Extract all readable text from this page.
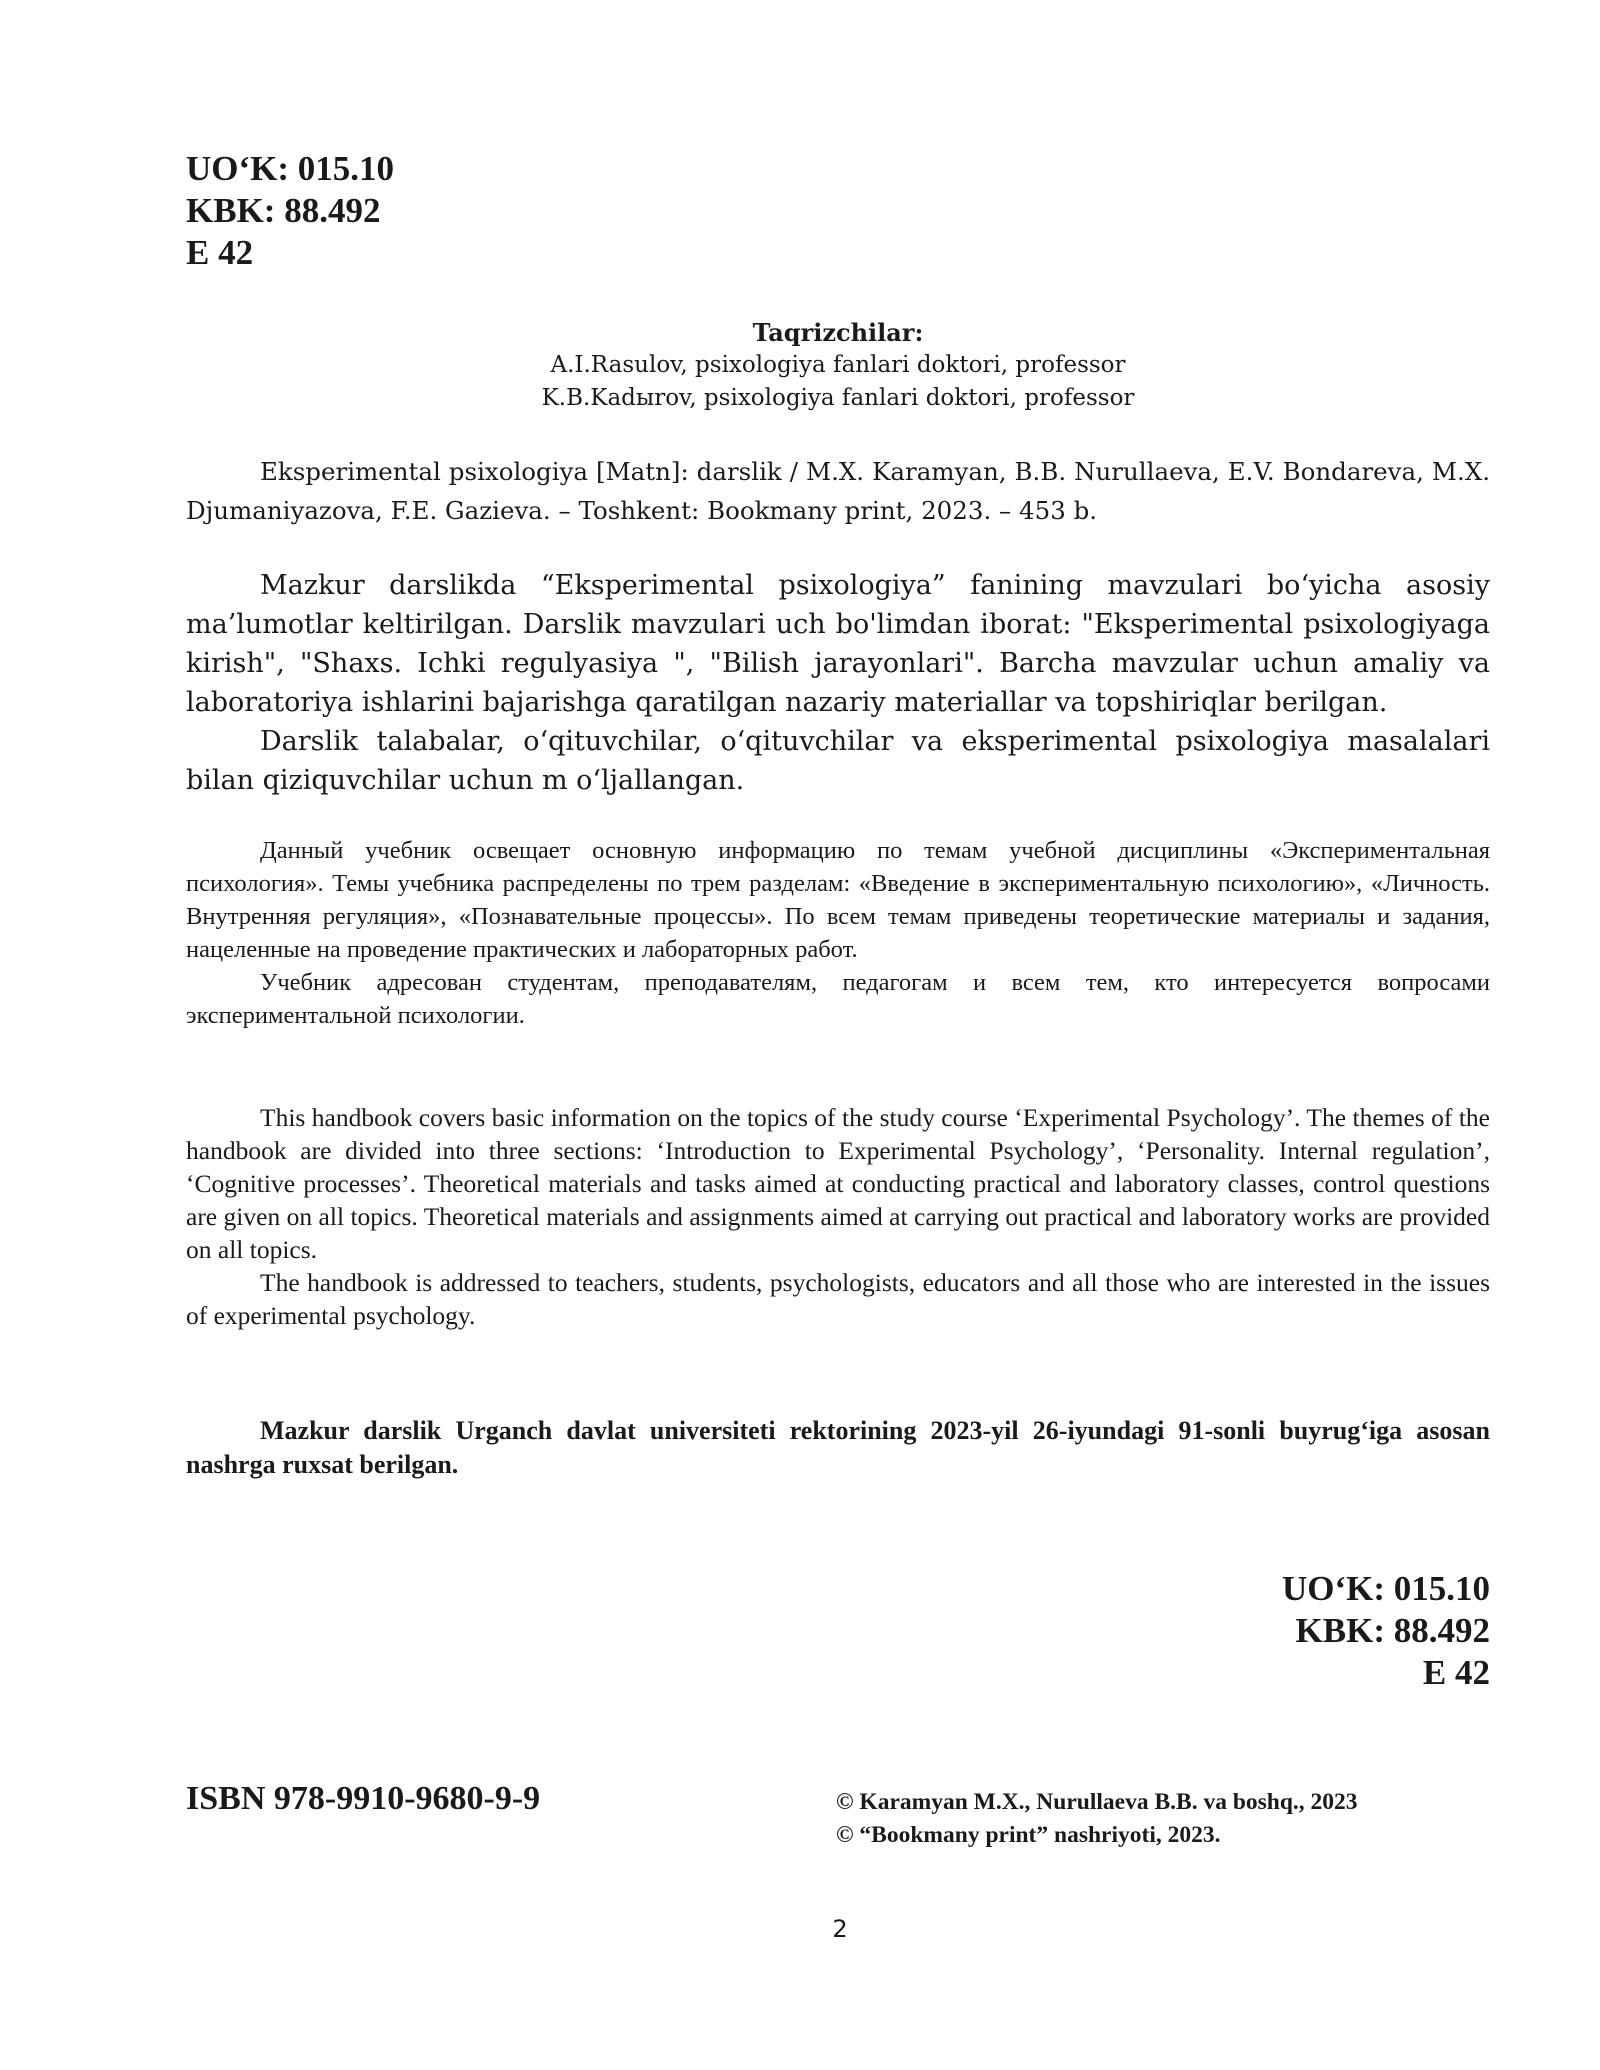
UO‘K: 015.10
KBK: 88.492
E 42
Taqrizchilar:
A.I.Rasulov, psixologiya fanlari doktori, professor
K.B.Kadыrov, psixologiya fanlari doktori, professor

Eksperimental psixologiya [Matn]: darslik / M.X. Karamyan, B.B. Nurullaeva, E.V. Bondareva, M.X. Djumaniyazova, F.E. Gazieva. – Toshkent: Bookmany print, 2023. – 453 b.

Mazkur darslikda “Eksperimental psixologiya” fanining mavzulari bo‘yicha asosiy ma’lumotlar keltirilgan. Darslik mavzulari uch bo'limdan iborat: "Eksperimental psixologiyaga kirish", "Shaxs. Ichki regulyasiya ", "Bilish jarayonlari". Barcha mavzular uchun amaliy va laboratoriya ishlarini bajarishga qaratilgan nazariy materiallar va topshiriqlar berilgan.

Darslik talabalar, o‘qituvchilar, o‘qituvchilar va eksperimental psixologiya masalalari bilan qiziquvchilar uchun m o‘ljallangan.

Данный учебник освещает основную информацию по темам учебной дисциплины «Экспериментальная психология». Темы учебника распределены по трем разделам: «Введение в экспериментальную психологию», «Личность. Внутренняя регуляция», «Познавательные процессы». По всем темам приведены теоретические материалы и задания, нацеленные на проведение практических и лабораторных работ.

Учебник адресован студентам, преподавателям, педагогам и всем тем, кто интересуется вопросами экспериментальной психологии.

This handbook covers basic information on the topics of the study course ‘Experimental Psychology’. The themes of the handbook are divided into three sections: ‘Introduction to Experimental Psychology’, ‘Personality. Internal regulation’, ‘Cognitive processes’. Theoretical materials and tasks aimed at conducting practical and laboratory classes, control questions are given on all topics. Theoretical materials and assignments aimed at carrying out practical and laboratory works are provided on all topics.

The handbook is addressed to teachers, students, psychologists, educators and all those who are interested in the issues of experimental psychology.

Mazkur darslik Urganch davlat universiteti rektorining 2023-yil 26-iyundagi 91-sonli buyrug‘iga asosan nashrga ruxsat berilgan.

UO‘K: 015.10
KBK: 88.492
E 42
ISBN 978-9910-9680-9-9	© Karamyan M.X., Nurullaeva B.B. va boshq., 2023
© “Bookmany print” nashriyoti, 2023.
2
